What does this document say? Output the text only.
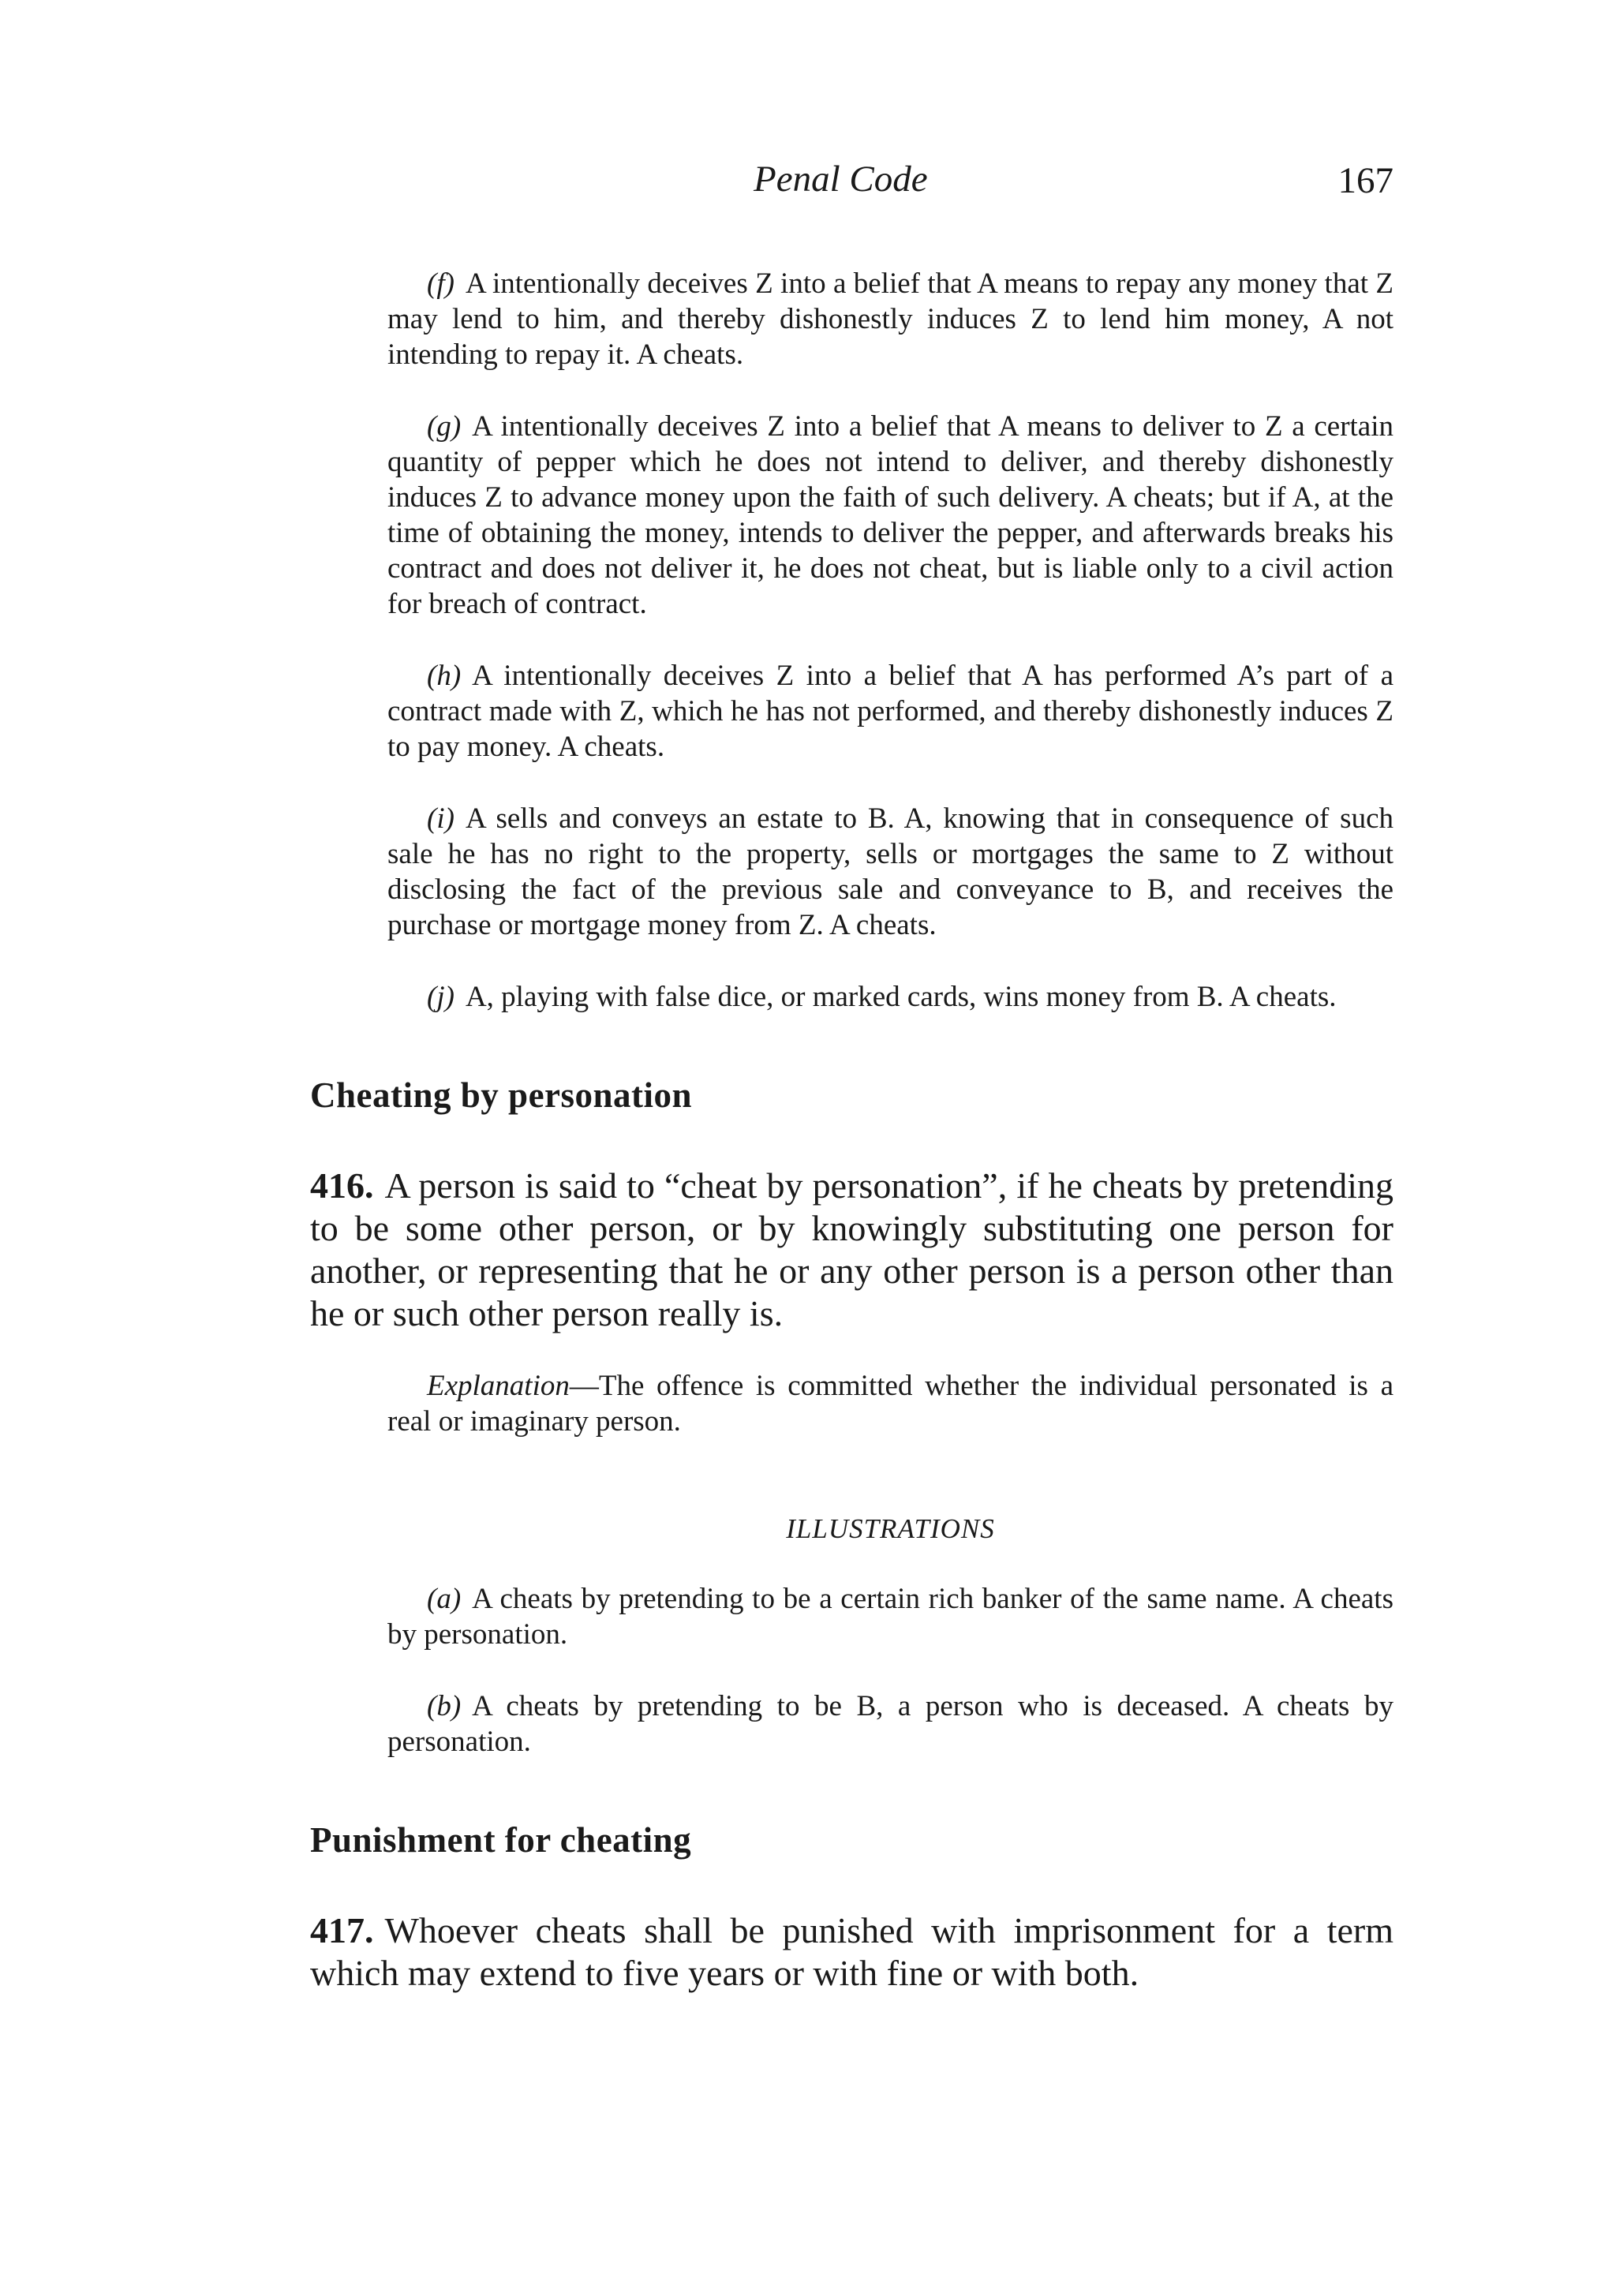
Penal Code	167

(f) A intentionally deceives Z into a belief that A means to repay any money that Z may lend to him, and thereby dishonestly induces Z to lend him money, A not intending to repay it. A cheats.

(g) A intentionally deceives Z into a belief that A means to deliver to Z a certain quantity of pepper which he does not intend to deliver, and thereby dishonestly induces Z to advance money upon the faith of such delivery. A cheats; but if A, at the time of obtaining the money, intends to deliver the pepper, and afterwards breaks his contract and does not deliver it, he does not cheat, but is liable only to a civil action for breach of contract.

(h) A intentionally deceives Z into a belief that A has performed A’s part of a contract made with Z, which he has not performed, and thereby dishonestly induces Z to pay money. A cheats.

(i) A sells and conveys an estate to B. A, knowing that in consequence of such sale he has no right to the property, sells or mortgages the same to Z without disclosing the fact of the previous sale and conveyance to B, and receives the purchase or mortgage money from Z. A cheats.

(j) A, playing with false dice, or marked cards, wins money from B. A cheats.

Cheating by personation

416. A person is said to “cheat by personation”, if he cheats by pretending to be some other person, or by knowingly substituting one person for another, or representing that he or any other person is a person other than he or such other person really is.

Explanation—The offence is committed whether the individual personated is a real or imaginary person.

ILLUSTRATIONS

(a) A cheats by pretending to be a certain rich banker of the same name. A cheats by personation.

(b) A cheats by pretending to be B, a person who is deceased. A cheats by personation.

Punishment for cheating

417. Whoever cheats shall be punished with imprisonment for a term which may extend to five years or with fine or with both.
